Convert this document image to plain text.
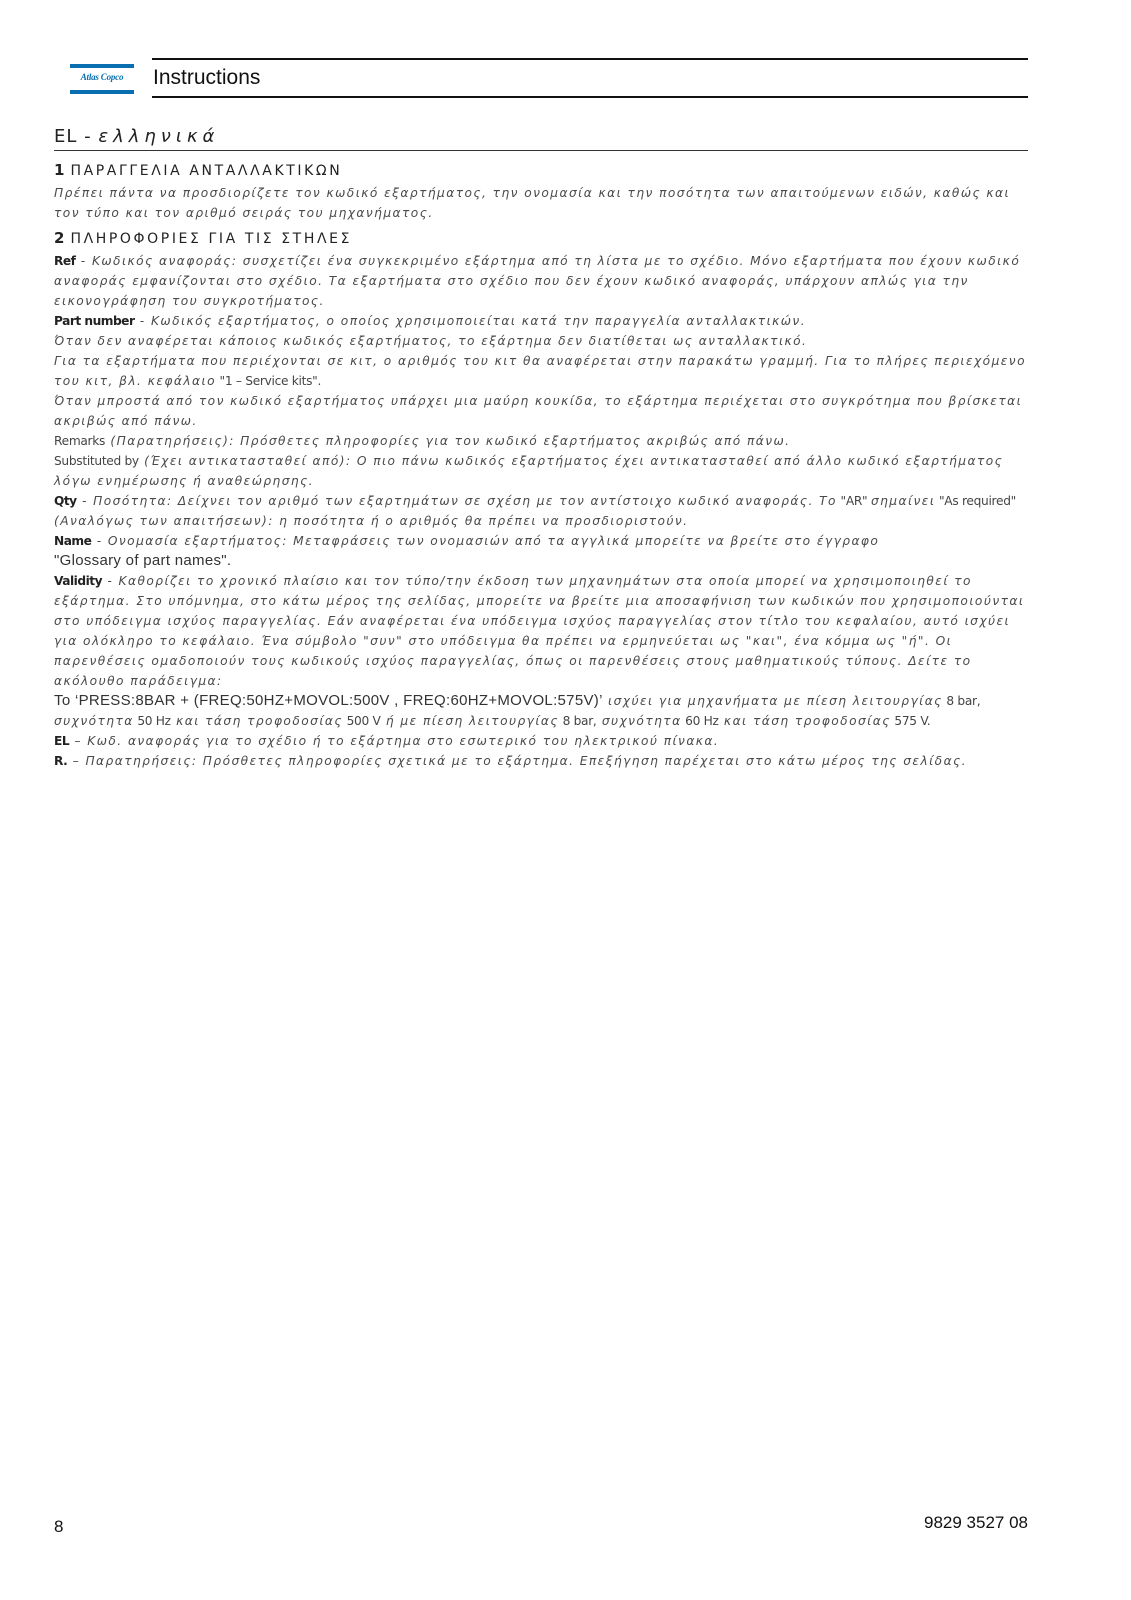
Atlas Copco	Instructions
EL - ελληνικά
1 ΠΑΡΑΓΓΕΛΙΑ ΑΝΤΑΛΛΑΚΤΙΚΩΝ

Πρέπει πάντα να προσδιορίζετε τον κωδικό εξαρτήματος, την ονομασία και την ποσότητα των απαιτούμενων ειδών, καθώς και τον τύπο και τον αριθμό σειράς του μηχανήματος.

2 ΠΛΗΡΟΦΟΡΙΕΣ ΓΙΑ ΤΙΣ ΣΤΗΛΕΣ

Ref - Κωδικός αναφοράς: συσχετίζει ένα συγκεκριμένο εξάρτημα από τη λίστα με το σχέδιο. Μόνο εξαρτήματα που έχουν κωδικό αναφοράς εμφανίζονται στο σχέδιο. Τα εξαρτήματα στο σχέδιο που δεν έχουν κωδικό αναφοράς, υπάρχουν απλώς για την εικονογράφηση του συγκροτήματος.

Part number - Κωδικός εξαρτήματος, ο οποίος χρησιμοποιείται κατά την παραγγελία ανταλλακτικών.

Όταν δεν αναφέρεται κάποιος κωδικός εξαρτήματος, το εξάρτημα δεν διατίθεται ως ανταλλακτικό.

Για τα εξαρτήματα που περιέχονται σε κιτ, ο αριθμός του κιτ θα αναφέρεται στην παρακάτω γραμμή. Για το πλήρες περιεχόμενο του κιτ, βλ. κεφάλαιο "1 – Service kits".

Όταν μπροστά από τον κωδικό εξαρτήματος υπάρχει μια μαύρη κουκίδα, το εξάρτημα περιέχεται στο συγκρότημα που βρίσκεται ακριβώς από πάνω.

Remarks (Παρατηρήσεις): Πρόσθετες πληροφορίες για τον κωδικό εξαρτήματος ακριβώς από πάνω.

Substituted by (Έχει αντικατασταθεί από): Ο πιο πάνω κωδικός εξαρτήματος έχει αντικατασταθεί από άλλο κωδικό εξαρτήματος λόγω ενημέρωσης ή αναθεώρησης.

Qty - Ποσότητα: Δείχνει τον αριθμό των εξαρτημάτων σε σχέση με τον αντίστοιχο κωδικό αναφοράς. Το "AR" σημαίνει "As required" (Αναλόγως των απαιτήσεων): η ποσότητα ή ο αριθμός θα πρέπει να προσδιοριστούν.

Name - Ονομασία εξαρτήματος: Μεταφράσεις των ονομασιών από τα αγγλικά μπορείτε να βρείτε στο έγγραφο
"Glossary of part names".

Validity - Καθορίζει το χρονικό πλαίσιο και τον τύπο/την έκδοση των μηχανημάτων στα οποία μπορεί να χρησιμοποιηθεί το εξάρτημα. Στο υπόμνημα, στο κάτω μέρος της σελίδας, μπορείτε να βρείτε μια αποσαφήνιση των κωδικών που χρησιμοποιούνται στο υπόδειγμα ισχύος παραγγελίας. Εάν αναφέρεται ένα υπόδειγμα ισχύος παραγγελίας στον τίτλο του κεφαλαίου, αυτό ισχύει για ολόκληρο το κεφάλαιο. Ένα σύμβολο "συν" στο υπόδειγμα θα πρέπει να ερμηνεύεται ως "και", ένα κόμμα ως "ή". Οι παρενθέσεις ομαδοποιούν τους κωδικούς ισχύος παραγγελίας, όπως οι παρενθέσεις στους μαθηματικούς τύπους. Δείτε το ακόλουθο παράδειγμα:

Το ‘PRESS:8BAR + (FREQ:50HZ+MOVOL:500V , FREQ:60HZ+MOVOL:575V)’ ισχύει για μηχανήματα με πίεση λειτουργίας 8 bar, συχνότητα 50 Hz και τάση τροφοδοσίας 500 V ή με πίεση λειτουργίας 8 bar, συχνότητα 60 Hz και τάση τροφοδοσίας 575 V.

EL – Κωδ. αναφοράς για το σχέδιο ή το εξάρτημα στο εσωτερικό του ηλεκτρικού πίνακα.

R. – Παρατηρήσεις: Πρόσθετες πληροφορίες σχετικά με το εξάρτημα. Επεξήγηση παρέχεται στο κάτω μέρος της σελίδας.

8	9829 3527 08
